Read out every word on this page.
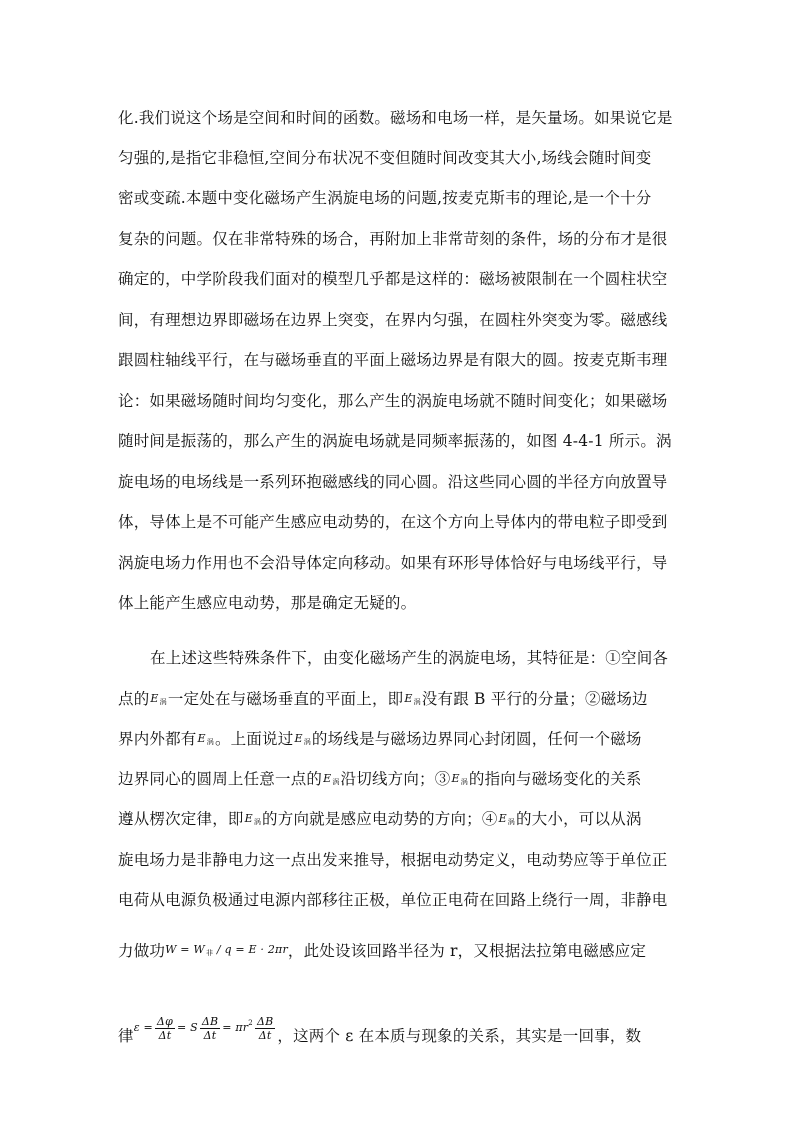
化.我们说这个场是空间和时间的函数。磁场和电场一样，是矢量场。如果说它是
匀强的,是指它非稳恒,空间分布状况不变但随时间改变其大小,场线会随时间变
密或变疏.本题中变化磁场产生涡旋电场的问题,按麦克斯韦的理论,是一个十分
复杂的问题。仅在非常特殊的场合，再附加上非常苛刻的条件，场的分布才是很
确定的，中学阶段我们面对的模型几乎都是这样的：磁场被限制在一个圆柱状空
间，有理想边界即磁场在边界上突变，在界内匀强，在圆柱外突变为零。磁感线
跟圆柱轴线平行，在与磁场垂直的平面上磁场边界是有限大的圆。按麦克斯韦理
论：如果磁场随时间均匀变化，那么产生的涡旋电场就不随时间变化；如果磁场
随时间是振荡的，那么产生的涡旋电场就是同频率振荡的，如图 4-4-1 所示。涡
旋电场的电场线是一系列环抱磁感线的同心圆。沿这些同心圆的半径方向放置导
体，导体上是不可能产生感应电动势的，在这个方向上导体内的带电粒子即受到
涡旋电场力作用也不会沿导体定向移动。如果有环形导体恰好与电场线平行，导
体上能产生感应电动势，那是确定无疑的。
在上述这些特殊条件下，由变化磁场产生的涡旋电场，其特征是：①空间各
点的E涡一定处在与磁场垂直的平面上，即E涡没有跟 B 平行的分量；②磁场边
界内外都有E涡。上面说过E涡的场线是与磁场边界同心封闭圆，任何一个磁场
边界同心的圆周上任意一点的E涡沿切线方向；③E涡的指向与磁场变化的关系
遵从楞次定律，即E涡的方向就是感应电动势的方向；④E涡的大小，可以从涡
旋电场力是非静电力这一点出发来推导，根据电动势定义，电动势应等于单位正
电荷从电源负极通过电源内部移往正极，单位正电荷在回路上绕行一周，非静电
力做功W = W非 / q = E · 2πr，此处设该回路半径为 r，又根据法拉第电磁感应定
律$\varepsilon = \frac{\Delta\varphi}{\Delta t} = S \frac{\Delta B}{\Delta t} = \pi r^2 \frac{\Delta B}{\Delta t}$ ，这两个 ε 在本质与现象的关系，其实是一回事，数
